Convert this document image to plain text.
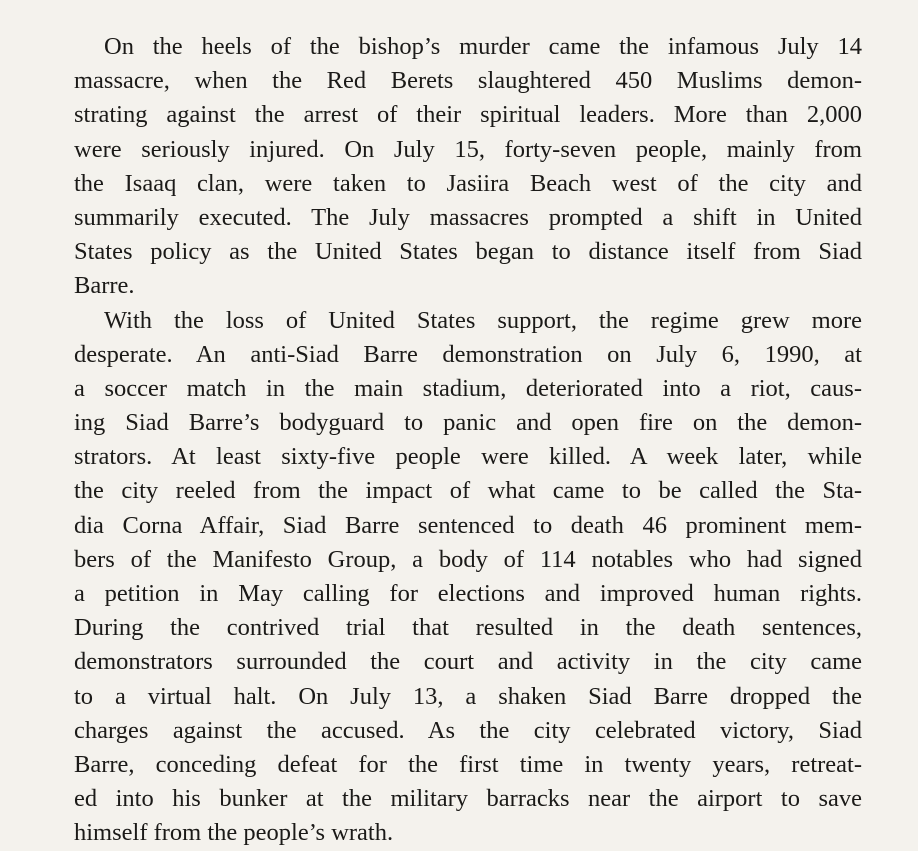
On the heels of the bishop’s murder came the infamous July 14
massacre, when the Red Berets slaughtered 450 Muslims demon-
strating against the arrest of their spiritual leaders. More than 2,000
were seriously injured. On July 15, forty-seven people, mainly from
the Isaaq clan, were taken to Jasiira Beach west of the city and
summarily executed. The July massacres prompted a shift in United
States policy as the United States began to distance itself from Siad
Barre.
With the loss of United States support, the regime grew more
desperate. An anti-Siad Barre demonstration on July 6, 1990, at
a soccer match in the main stadium, deteriorated into a riot, caus-
ing Siad Barre’s bodyguard to panic and open fire on the demon-
strators. At least sixty-five people were killed. A week later, while
the city reeled from the impact of what came to be called the Sta-
dia Corna Affair, Siad Barre sentenced to death 46 prominent mem-
bers of the Manifesto Group, a body of 114 notables who had signed
a petition in May calling for elections and improved human rights.
During the contrived trial that resulted in the death sentences,
demonstrators surrounded the court and activity in the city came
to a virtual halt. On July 13, a shaken Siad Barre dropped the
charges against the accused. As the city celebrated victory, Siad
Barre, conceding defeat for the first time in twenty years, retreat-
ed into his bunker at the military barracks near the airport to save
himself from the people’s wrath.
